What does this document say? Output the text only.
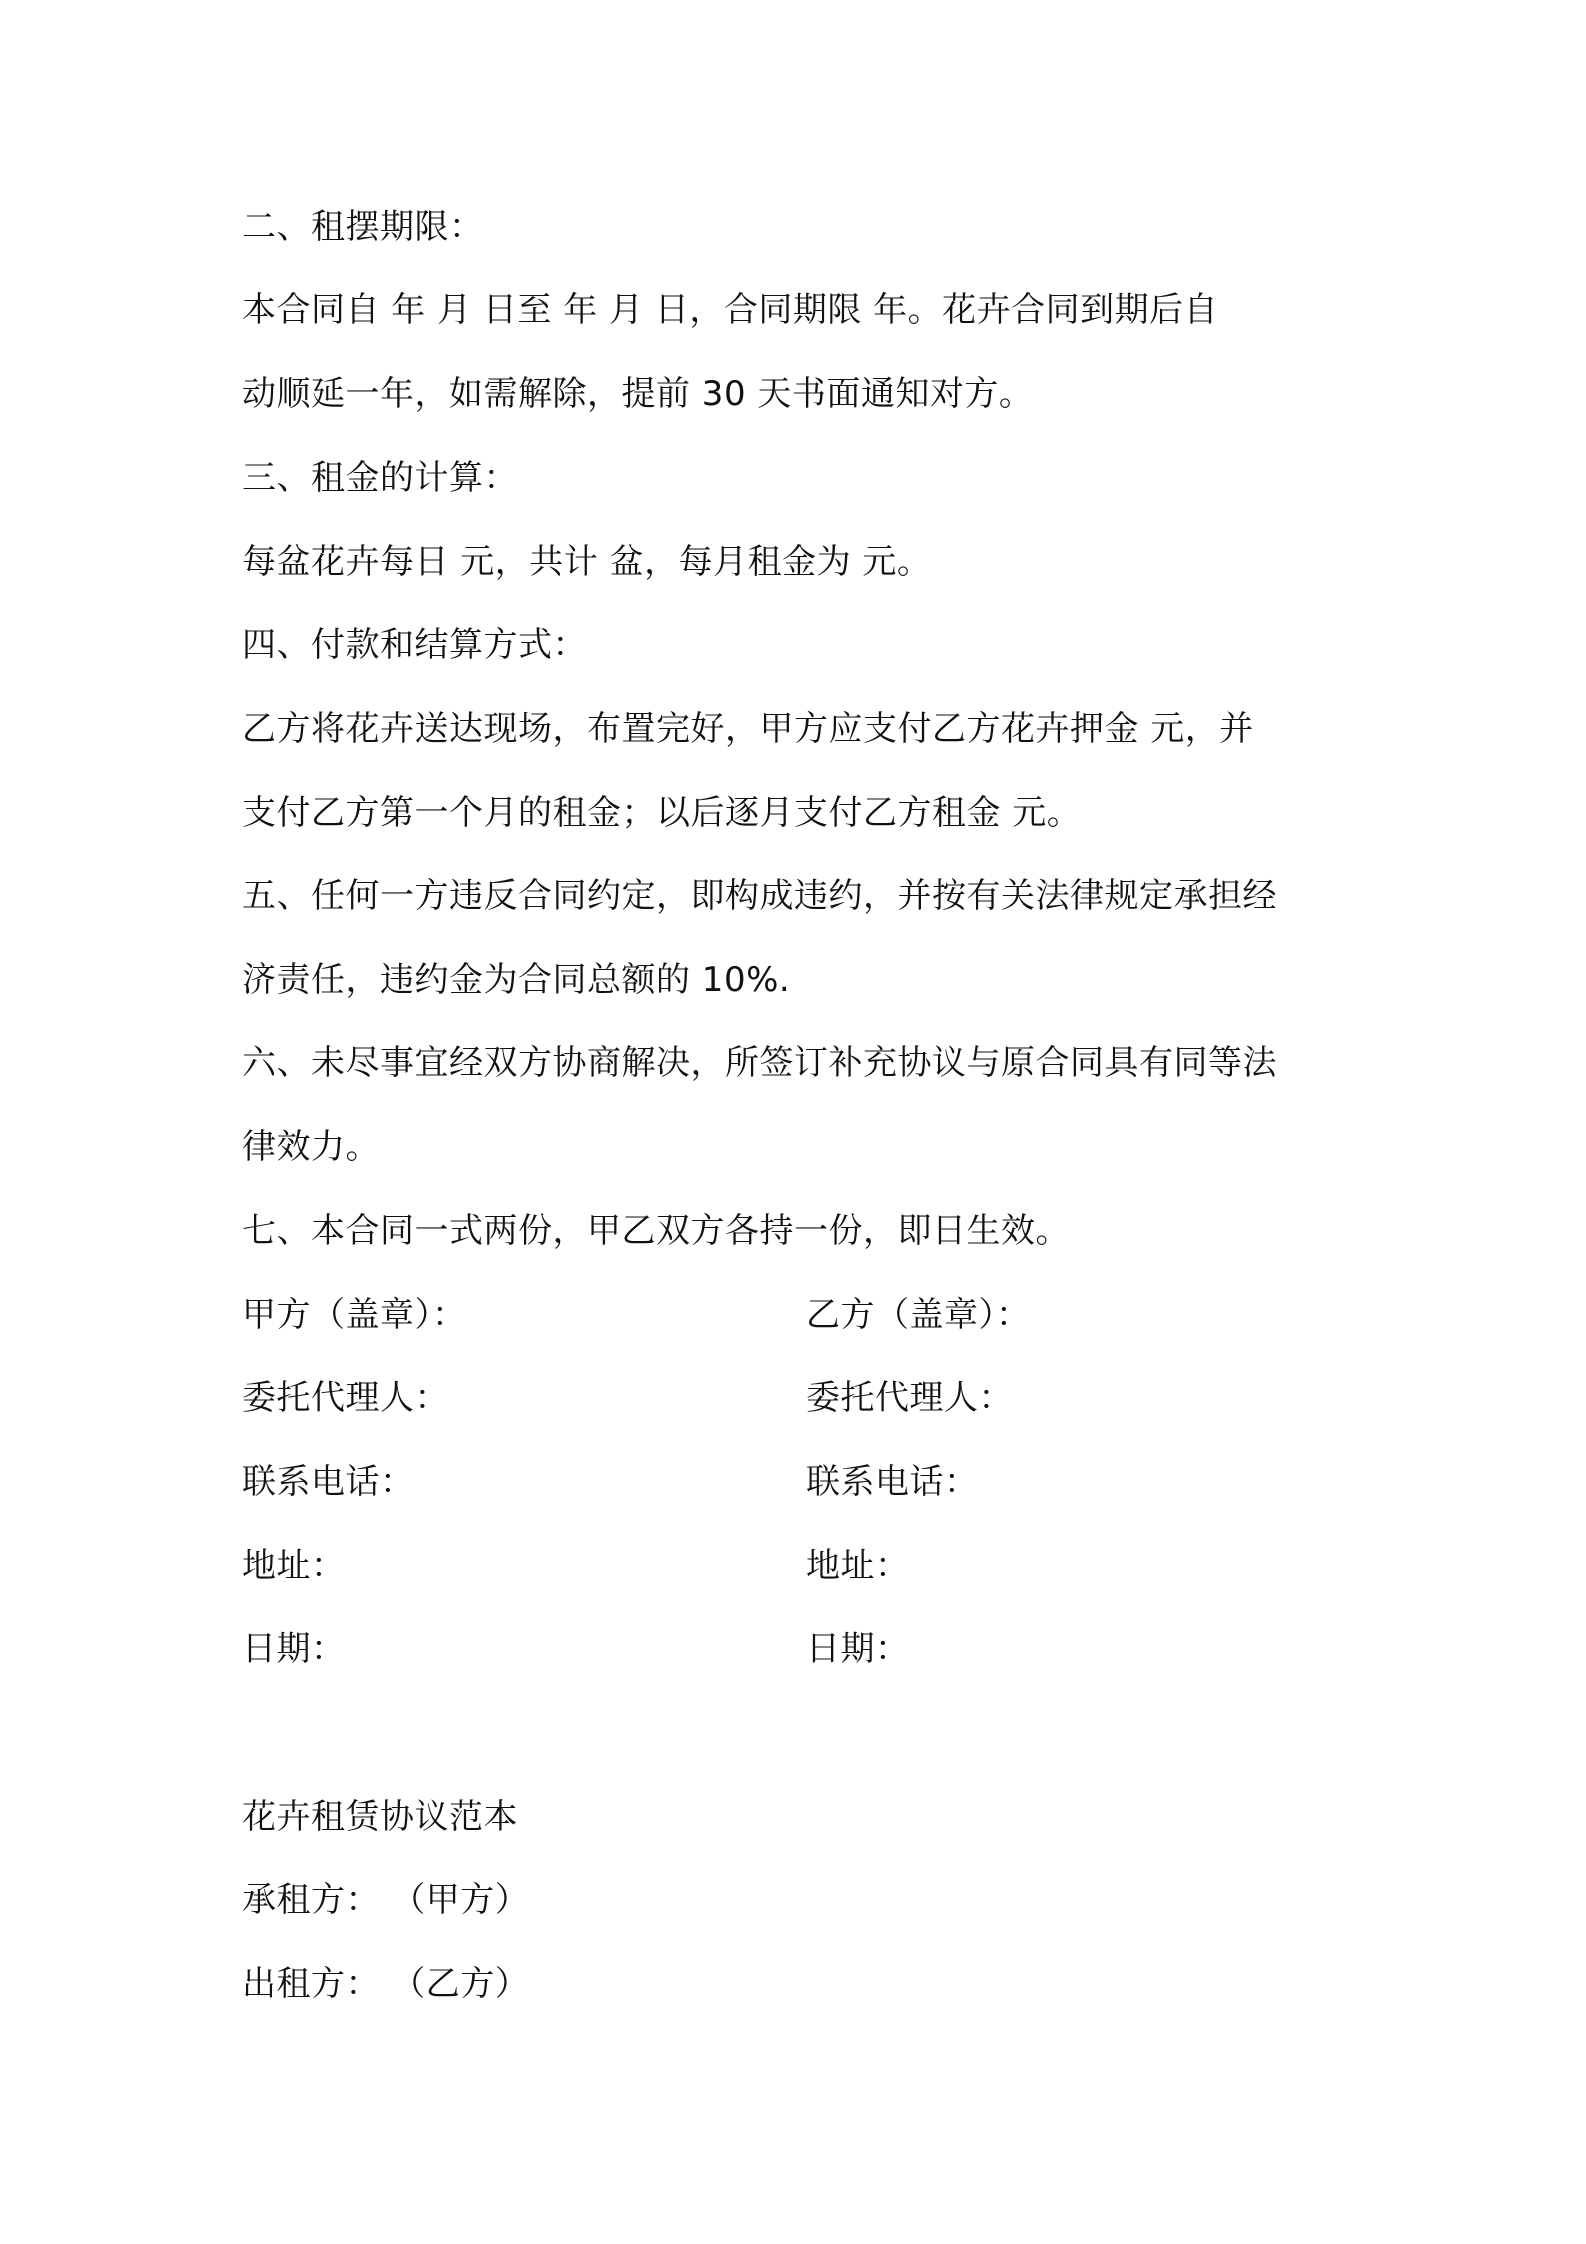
二、租摆期限：
本合同自 年 月 日至 年 月 日，合同期限 年。花卉合同到期后自
动顺延一年，如需解除，提前 30 天书面通知对方。
三、租金的计算：
每盆花卉每日 元，共计 盆，每月租金为 元。
四、付款和结算方式：
乙方将花卉送达现场，布置完好，甲方应支付乙方花卉押金 元，并
支付乙方第一个月的租金；以后逐月支付乙方租金 元。
五、任何一方违反合同约定，即构成违约，并按有关法律规定承担经
济责任，违约金为合同总额的 10%.
六、未尽事宜经双方协商解决，所签订补充协议与原合同具有同等法
律效力。
七、本合同一式两份，甲乙双方各持一份，即日生效。
甲方（盖章）：
委托代理人：
联系电话：
地址：
日期：
乙方（盖章）：
委托代理人：
联系电话：
地址：
日期：
花卉租赁协议范本
承租方： （甲方）
出租方： （乙方）
